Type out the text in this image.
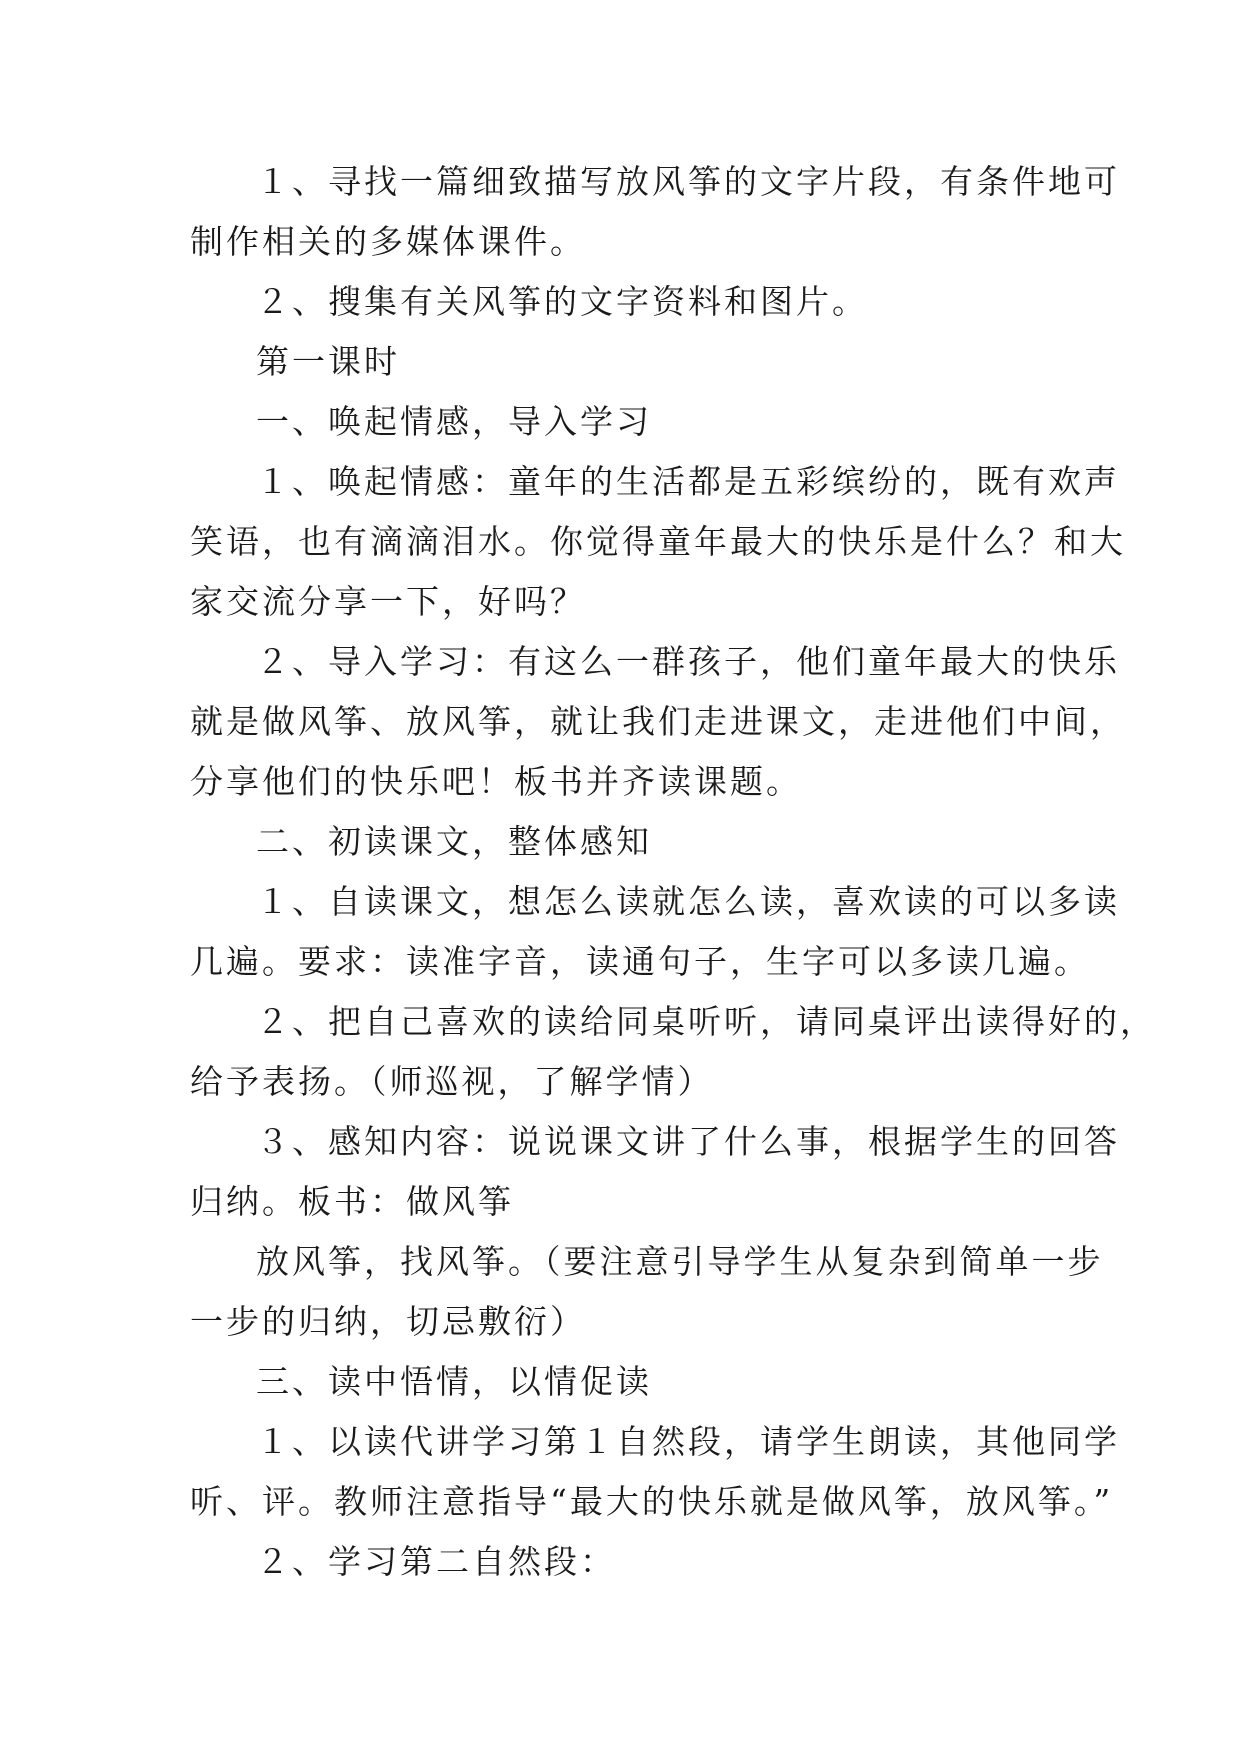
１、寻找一篇细致描写放风筝的文字片段，有条件地可
制作相关的多媒体课件。
２、搜集有关风筝的文字资料和图片。
第一课时
一、唤起情感，导入学习
１、唤起情感：童年的生活都是五彩缤纷的，既有欢声
笑语，也有滴滴泪水。你觉得童年最大的快乐是什么？和大
家交流分享一下，好吗？
２、导入学习：有这么一群孩子，他们童年最大的快乐
就是做风筝、放风筝，就让我们走进课文，走进他们中间，
分享他们的快乐吧！板书并齐读课题。
二、初读课文，整体感知
１、自读课文，想怎么读就怎么读，喜欢读的可以多读
几遍。要求：读准字音，读通句子，生字可以多读几遍。
２、把自己喜欢的读给同桌听听，请同桌评出读得好的，
给予表扬。（师巡视，了解学情）
３、感知内容：说说课文讲了什么事，根据学生的回答
归纳。板书：做风筝
放风筝，找风筝。（要注意引导学生从复杂到简单一步
一步的归纳，切忌敷衍）
三、读中悟情，以情促读
１、以读代讲学习第１自然段，请学生朗读，其他同学
听、评。教师注意指导“最大的快乐就是做风筝，放风筝。”
２、学习第二自然段：
